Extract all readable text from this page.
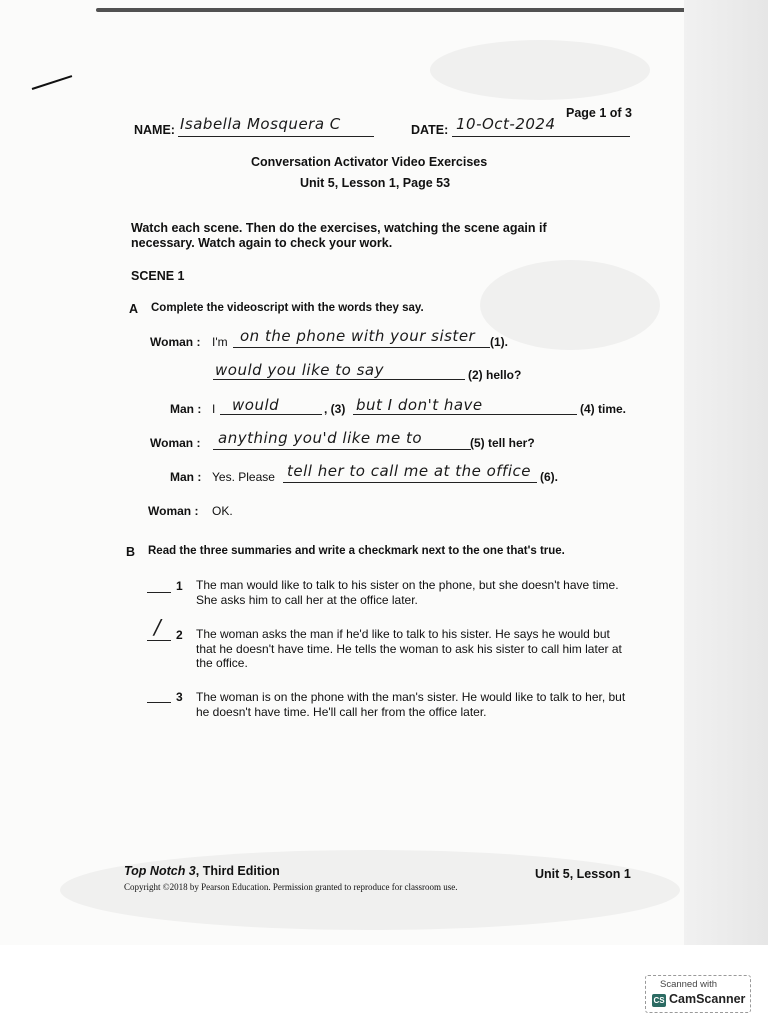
Page 1 of 3
NAME: Isabella Mosquera C	DATE: 10-Oct-2024
Conversation Activator Video Exercises
Unit 5, Lesson 1, Page 53
Watch each scene. Then do the exercises, watching the scene again if
necessary. Watch again to check your work.
SCENE 1
A Complete the videoscript with the words they say.
Woman : I'm on the phone with your sister (1).
would you like to say	(2) hello?
Man : I would	, (3) but I don't have	(4) time.
Woman : anything you'd like me to	(5) tell her?
Man : Yes. Please tell her to call me at the office (6).
Woman : OK.
B Read the three summaries and write a checkmark next to the one that's true.
1 The man would like to talk to his sister on the phone, but she doesn't have time. She asks him to call her at the office later.
/ 2 The woman asks the man if he'd like to talk to his sister. He says he would but that he doesn't have time. He tells the woman to ask his sister to call him later at the office.
3 The woman is on the phone with the man's sister. He would like to talk to her, but he doesn't have time. He'll call her from the office later.
Top Notch 3, Third Edition	Unit 5, Lesson 1
Copyright ©2018 by Pearson Education. Permission granted to reproduce for classroom use.
Scanned with
CS CamScanner
